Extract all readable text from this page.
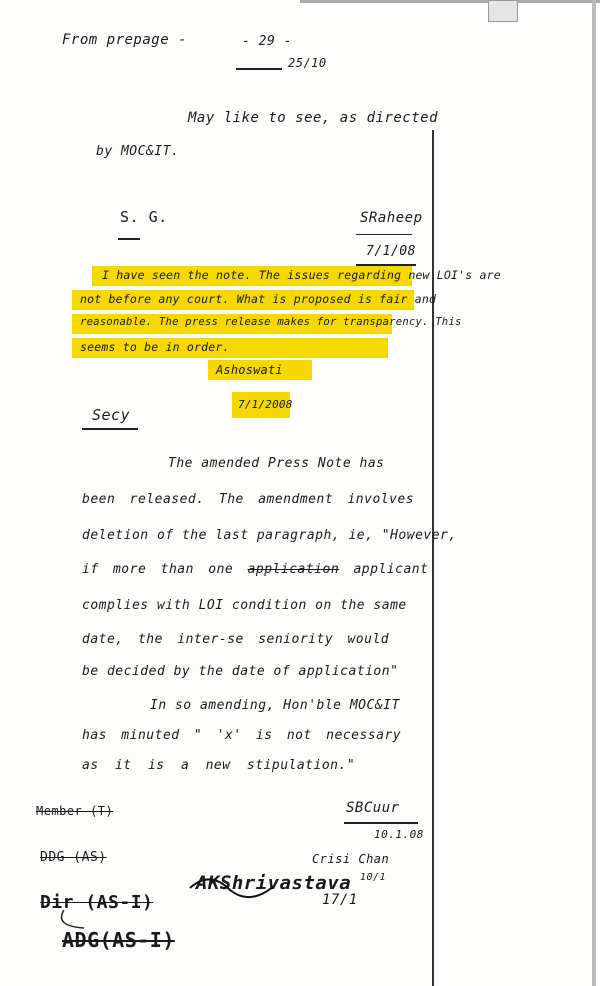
From prepage -	- 29 -
25/10
May like to see, as directed
by MOC&IT.
S. G.	SRaheep
7/1/08
I have seen the note. The issues regarding new LOI's are
not before any court. What is proposed is fair and
reasonable. The press release makes for transparency. This
seems to be in order.
Ashoswati
7/1/2008
Secy
The amended Press Note has
been released. The amendment involves
deletion of the last paragraph, ie, "However,
if more than one application applicant
complies with LOI condition on the same
date, the inter-se seniority would
be decided by the date of application"
In so amending, Hon'ble MOC&IT
has minuted " 'x' is not necessary
as it is a new stipulation."
SBCuur
10.1.08
Member (T)
DDG (AS)
Dir (AS-I)
ADG(AS-I)
AKShrivastava
17/1
Crisi Chan
10/1
